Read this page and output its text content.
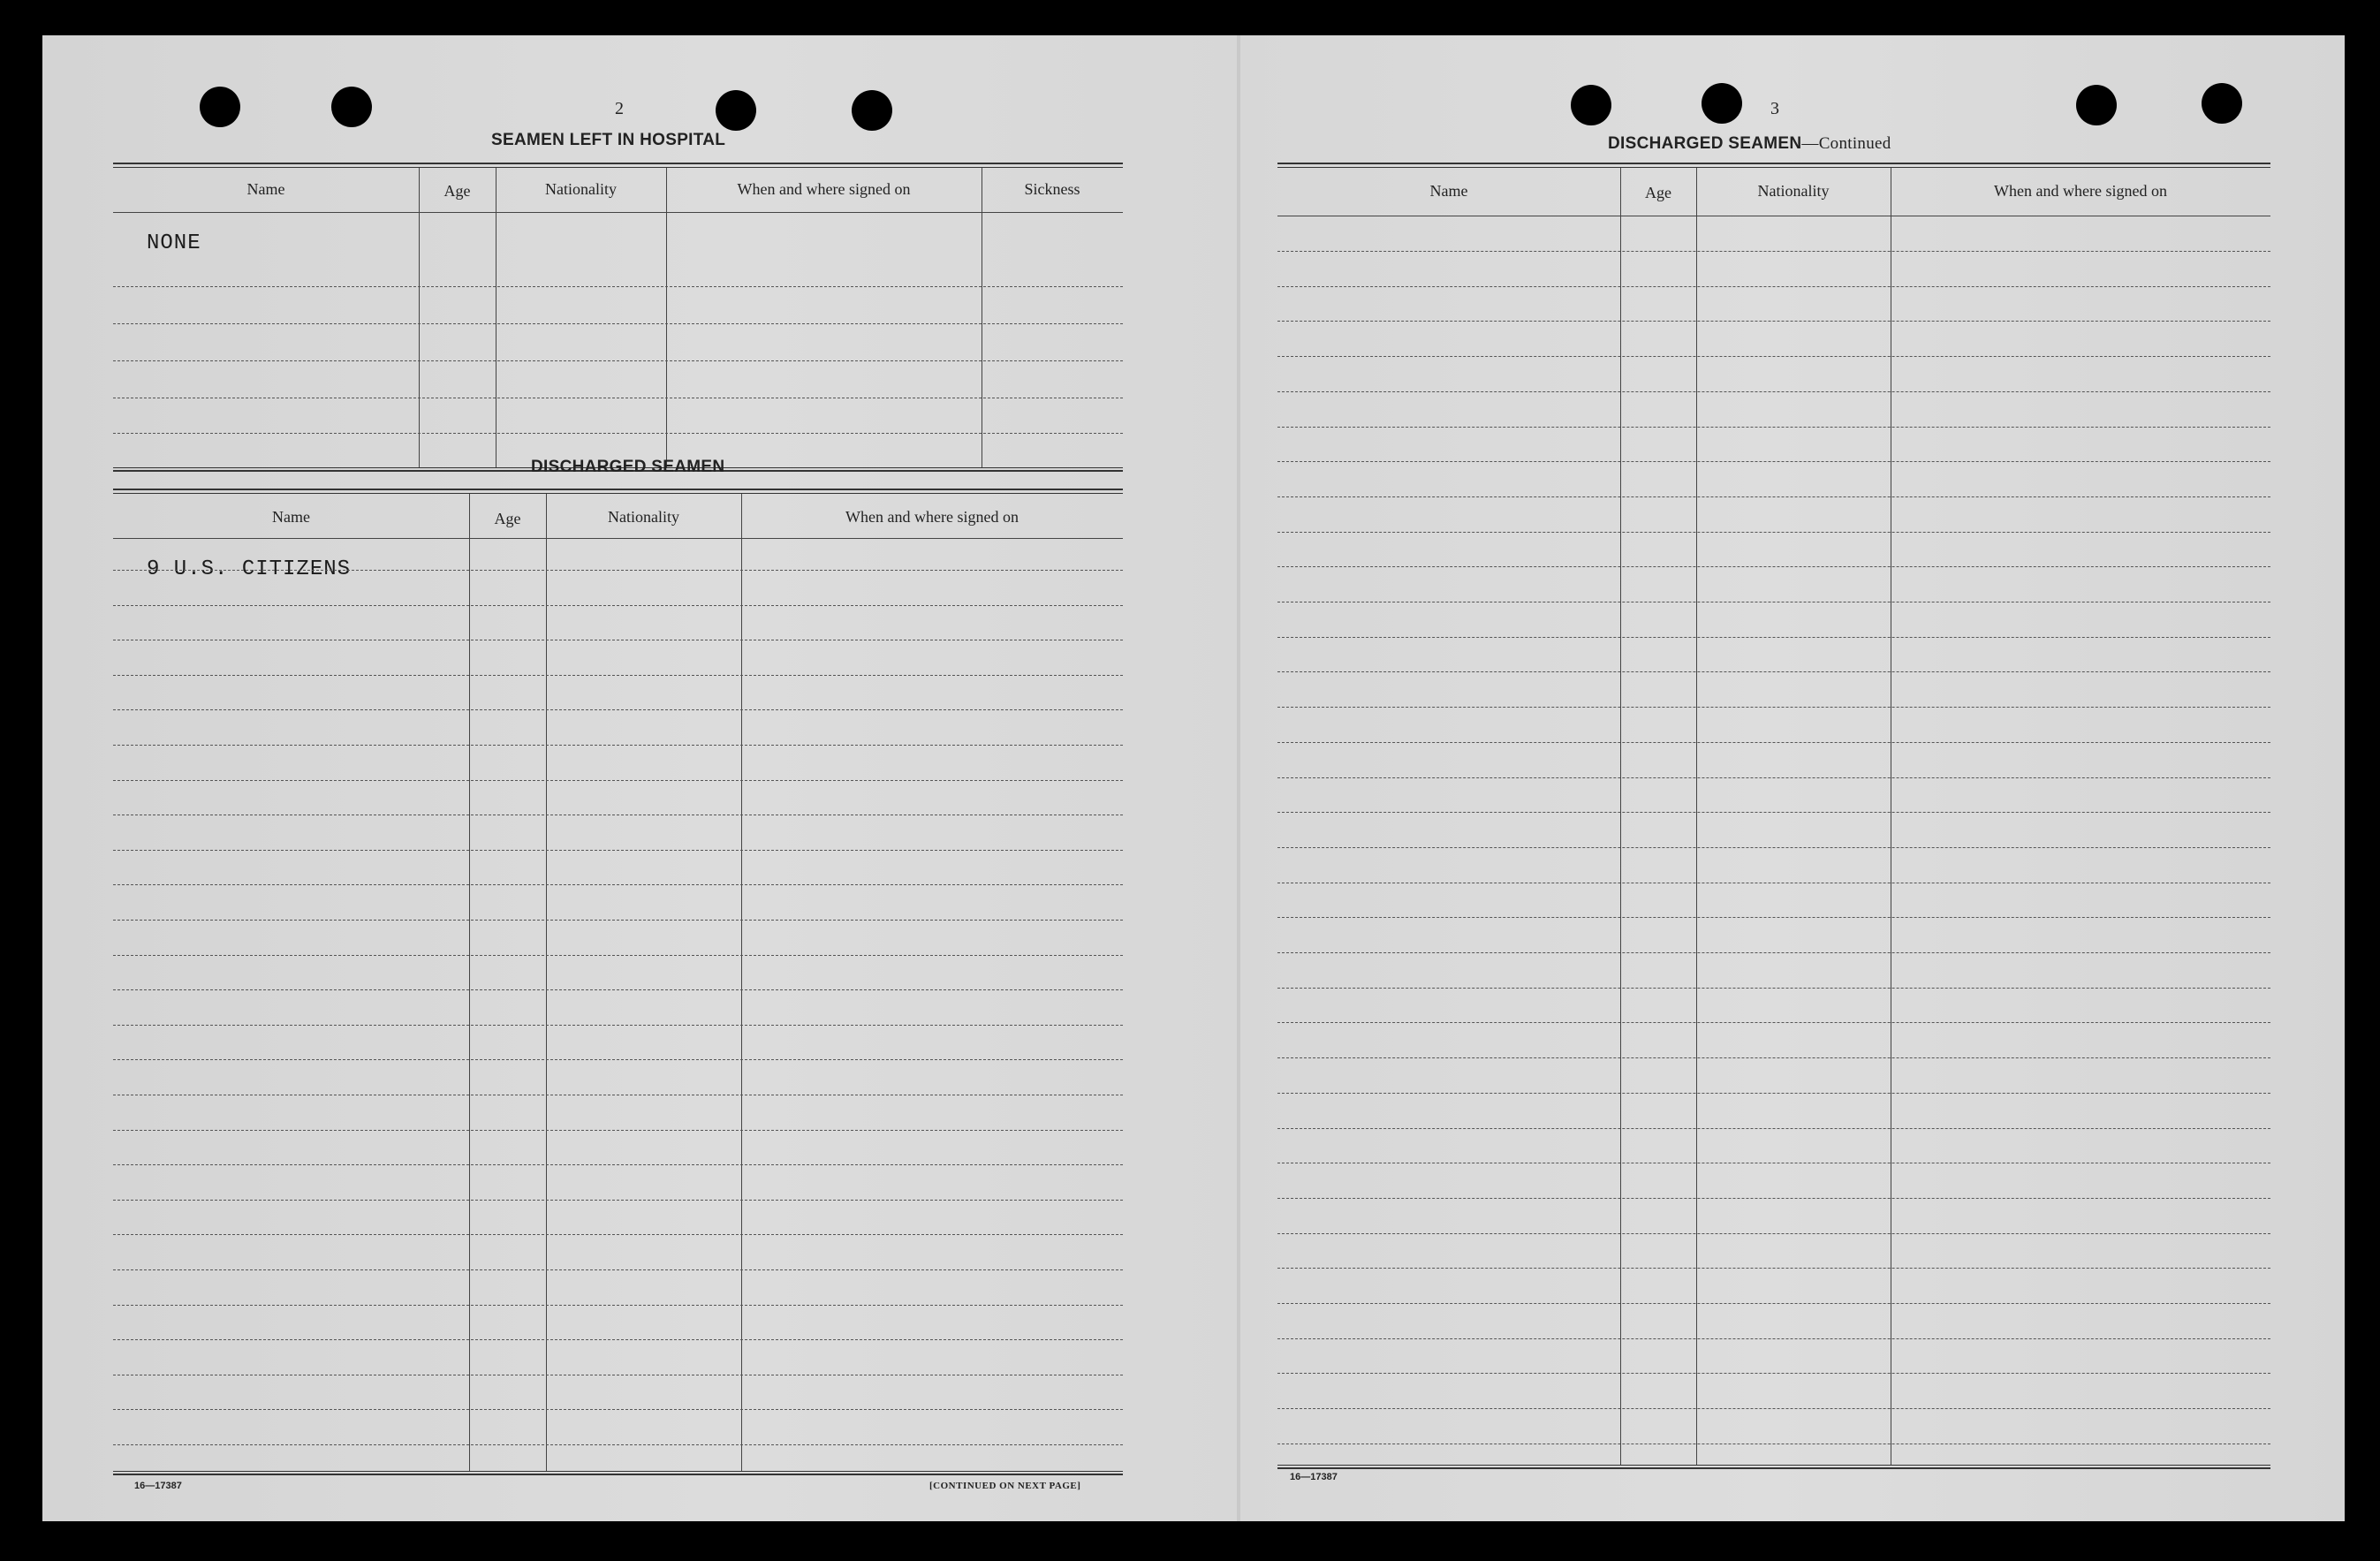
2
SEAMEN LEFT IN HOSPITAL
Name	Age	Nationality	When and where signed on	Sickness
NONE
DISCHARGED SEAMEN
Name	Age	Nationality	When and where signed on
9 U.S. CITIZENS
16—17387	[CONTINUED ON NEXT PAGE]
3
DISCHARGED SEAMEN—Continued
Name	Age	Nationality	When and where signed on
16—17387
